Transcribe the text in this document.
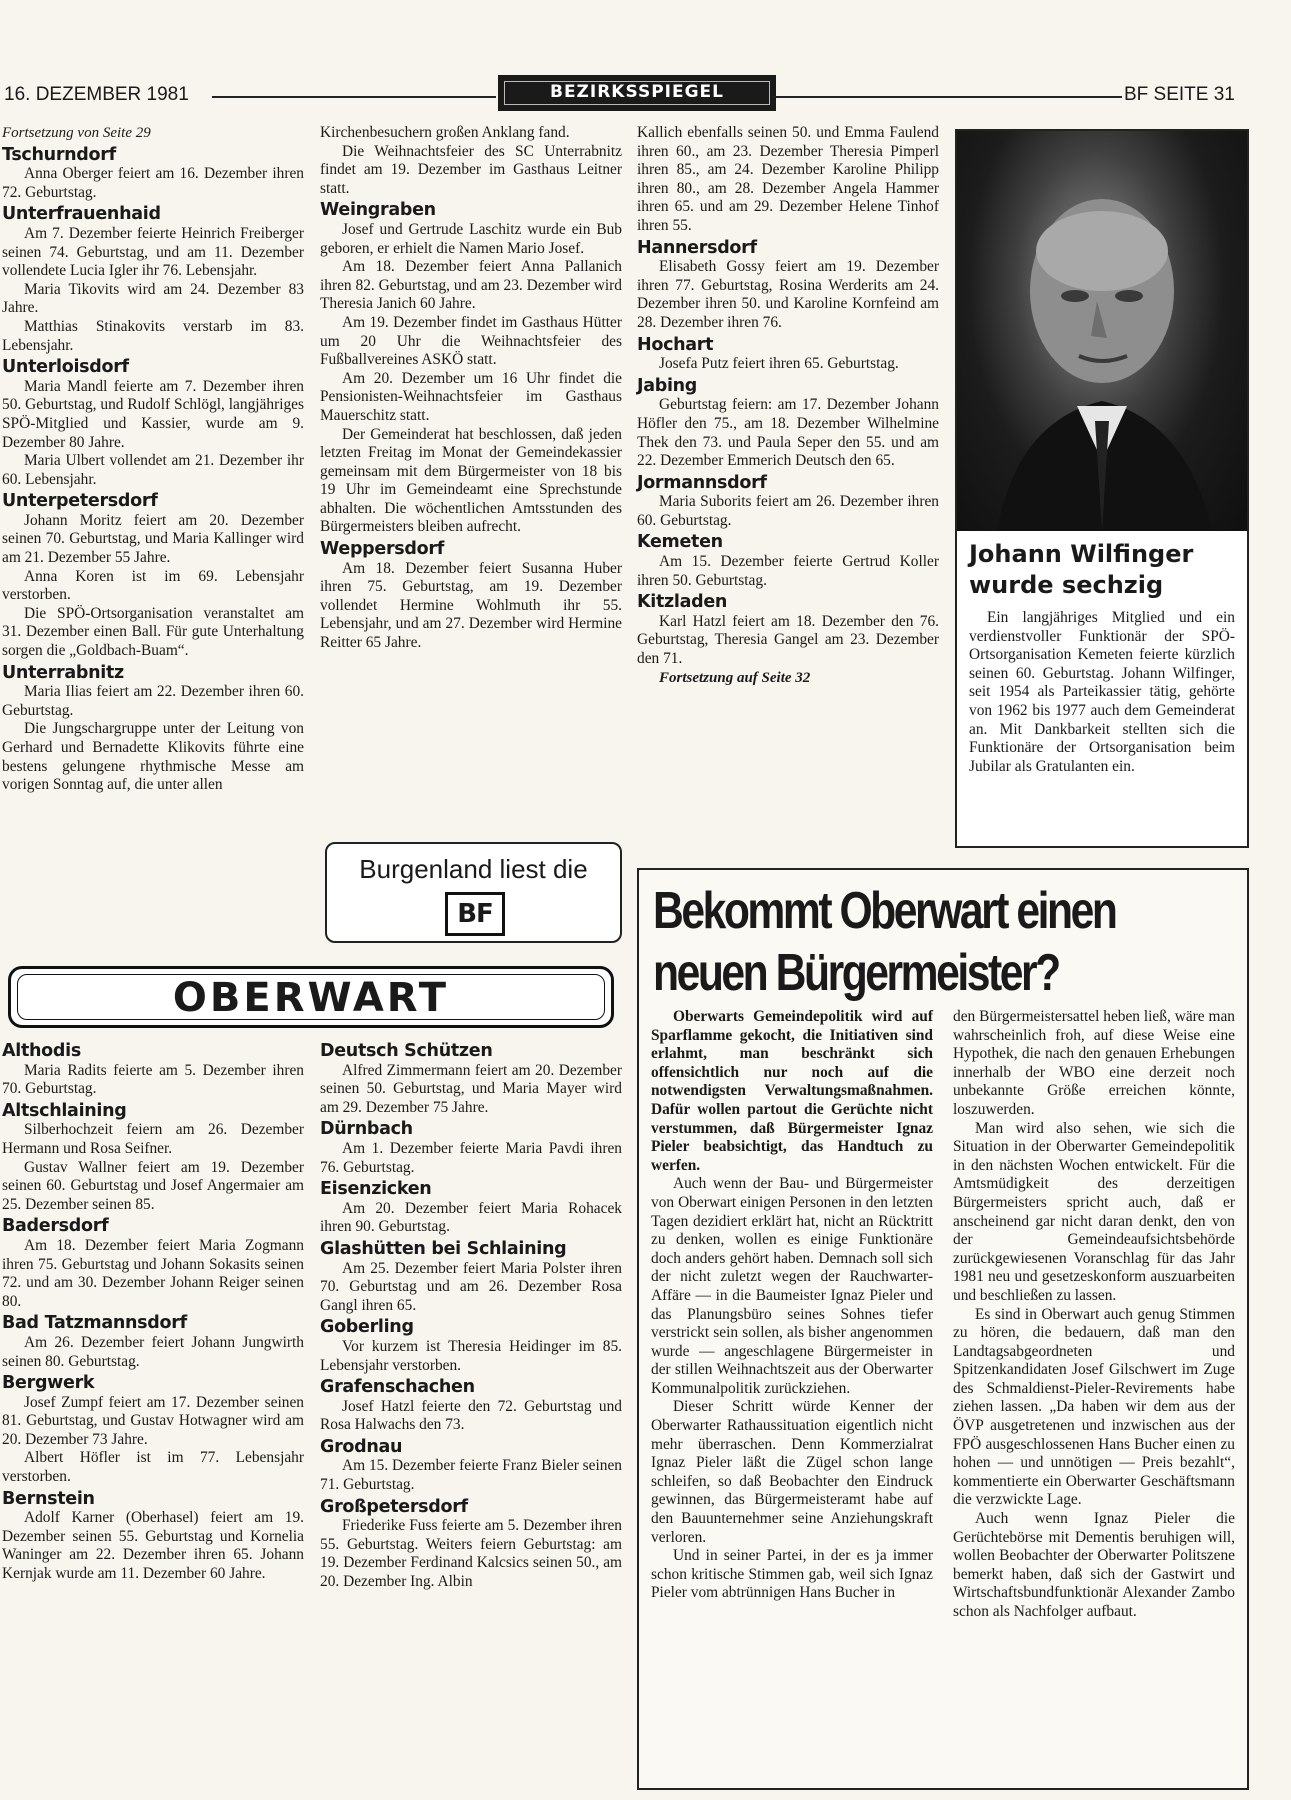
16. DEZEMBER 1981	BEZIRKSSPIEGEL	BF SEITE 31

Fortsetzung von Seite 29

Tschurndorf

Anna Oberger feiert am 16. Dezember ihren 72. Geburtstag.

Unterfrauenhaid

Am 7. Dezember feierte Heinrich Freiberger seinen 74. Geburtstag, und am 11. Dezember vollendete Lucia Igler ihr 76. Lebensjahr.

Maria Tikovits wird am 24. Dezember 83 Jahre.

Matthias Stinakovits verstarb im 83. Lebensjahr.

Unterloisdorf

Maria Mandl feierte am 7. Dezember ihren 50. Geburtstag, und Rudolf Schlögl, langjähriges SPÖ-Mitglied und Kassier, wurde am 9. Dezember 80 Jahre.

Maria Ulbert vollendet am 21. Dezember ihr 60. Lebensjahr.

Unterpetersdorf

Johann Moritz feiert am 20. Dezember seinen 70. Geburtstag, und Maria Kallinger wird am 21. Dezember 55 Jahre.

Anna Koren ist im 69. Lebensjahr verstorben.

Die SPÖ-Ortsorganisation veranstaltet am 31. Dezember einen Ball. Für gute Unterhaltung sorgen die „Goldbach-Buam“.

Unterrabnitz

Maria Ilias feiert am 22. Dezember ihren 60. Geburtstag.

Die Jungschargruppe unter der Leitung von Gerhard und Bernadette Klikovits führte eine bestens gelungene rhythmische Messe am vorigen Sonntag auf, die unter allen

Kirchenbesuchern großen Anklang fand.

Die Weihnachtsfeier des SC Unterrabnitz findet am 19. Dezember im Gasthaus Leitner statt.

Weingraben

Josef und Gertrude Laschitz wurde ein Bub geboren, er erhielt die Namen Mario Josef.

Am 18. Dezember feiert Anna Pallanich ihren 82. Geburtstag, und am 23. Dezember wird Theresia Janich 60 Jahre.

Am 19. Dezember findet im Gasthaus Hütter um 20 Uhr die Weihnachtsfeier des Fußballvereines ASKÖ statt.

Am 20. Dezember um 16 Uhr findet die Pensionisten-Weihnachtsfeier im Gasthaus Mauerschitz statt.

Der Gemeinderat hat beschlossen, daß jeden letzten Freitag im Monat der Gemeindekassier gemeinsam mit dem Bürgermeister von 18 bis 19 Uhr im Gemeindeamt eine Sprechstunde abhalten. Die wöchentlichen Amtsstunden des Bürgermeisters bleiben aufrecht.

Weppersdorf

Am 18. Dezember feiert Susanna Huber ihren 75. Geburtstag, am 19. Dezember vollendet Hermine Wohlmuth ihr 55. Lebensjahr, und am 27. Dezember wird Hermine Reitter 65 Jahre.

Kallich ebenfalls seinen 50. und Emma Faulend ihren 60., am 23. Dezember Theresia Pimperl ihren 85., am 24. Dezember Karoline Philipp ihren 80., am 28. Dezember Angela Hammer ihren 65. und am 29. Dezember Helene Tinhof ihren 55.

Hannersdorf

Elisabeth Gossy feiert am 19. Dezember ihren 77. Geburtstag, Rosina Werderits am 24. Dezember ihren 50. und Karoline Kornfeind am 28. Dezember ihren 76.

Hochart

Josefa Putz feiert ihren 65. Geburtstag.

Jabing

Geburtstag feiern: am 17. Dezember Johann Höfler den 75., am 18. Dezember Wilhelmine Thek den 73. und Paula Seper den 55. und am 22. Dezember Emmerich Deutsch den 65.

Jormannsdorf

Maria Suborits feiert am 26. Dezember ihren 60. Geburtstag.

Kemeten

Am 15. Dezember feierte Gertrud Koller ihren 50. Geburtstag.

Kitzladen

Karl Hatzl feiert am 18. Dezember den 76. Geburtstag, Theresia Gangel am 23. Dezember den 71.

Fortsetzung auf Seite 32

Johann Wilfinger wurde sechzig

Ein langjähriges Mitglied und ein verdienstvoller Funktionär der SPÖ-Ortsorganisation Kemeten feierte kürzlich seinen 60. Geburtstag. Johann Wilfinger, seit 1954 als Parteikassier tätig, gehörte von 1962 bis 1977 auch dem Gemeinderat an. Mit Dankbarkeit stellten sich die Funktionäre der Ortsorganisation beim Jubilar als Gratulanten ein.

Burgenland liest die
BF
OBERWART
Althodis

Maria Radits feierte am 5. Dezember ihren 70. Geburtstag.

Altschlaining

Silberhochzeit feiern am 26. Dezember Hermann und Rosa Seifner.

Gustav Wallner feiert am 19. Dezember seinen 60. Geburtstag und Josef Angermaier am 25. Dezember seinen 85.

Badersdorf

Am 18. Dezember feiert Maria Zogmann ihren 75. Geburtstag und Johann Sokasits seinen 72. und am 30. Dezember Johann Reiger seinen 80.

Bad Tatzmannsdorf

Am 26. Dezember feiert Johann Jungwirth seinen 80. Geburtstag.

Bergwerk

Josef Zumpf feiert am 17. Dezember seinen 81. Geburtstag, und Gustav Hotwagner wird am 20. Dezember 73 Jahre.

Albert Höfler ist im 77. Lebensjahr verstorben.

Bernstein

Adolf Karner (Oberhasel) feiert am 19. Dezember seinen 55. Geburtstag und Kornelia Waninger am 22. Dezember ihren 65. Johann Kernjak wurde am 11. Dezember 60 Jahre.

Deutsch Schützen

Alfred Zimmermann feiert am 20. Dezember seinen 50. Geburtstag, und Maria Mayer wird am 29. Dezember 75 Jahre.

Dürnbach

Am 1. Dezember feierte Maria Pavdi ihren 76. Geburtstag.

Eisenzicken

Am 20. Dezember feiert Maria Rohacek ihren 90. Geburtstag.

Glashütten bei Schlaining

Am 25. Dezember feiert Maria Polster ihren 70. Geburtstag und am 26. Dezember Rosa Gangl ihren 65.

Goberling

Vor kurzem ist Theresia Heidinger im 85. Lebensjahr verstorben.

Grafenschachen

Josef Hatzl feierte den 72. Geburtstag und Rosa Halwachs den 73.

Grodnau

Am 15. Dezember feierte Franz Bieler seinen 71. Geburtstag.

Großpetersdorf

Friederike Fuss feierte am 5. Dezember ihren 55. Geburtstag. Weiters feiern Geburtstag: am 19. Dezember Ferdinand Kalcsics seinen 50., am 20. Dezember Ing. Albin

Bekommt Oberwart einen
neuen Bürgermeister?

Oberwarts Gemeindepolitik wird auf Sparflamme gekocht, die Initiativen sind erlahmt, man beschränkt sich offensichtlich nur noch auf die notwendigsten Verwaltungsmaßnahmen. Dafür wollen partout die Gerüchte nicht verstummen, daß Bürgermeister Ignaz Pieler beabsichtigt, das Handtuch zu werfen.

Auch wenn der Bau- und Bürgermeister von Oberwart einigen Personen in den letzten Tagen dezidiert erklärt hat, nicht an Rücktritt zu denken, wollen es einige Funktionäre doch anders gehört haben. Demnach soll sich der nicht zuletzt wegen der Rauchwarter-Affäre — in die Baumeister Ignaz Pieler und das Planungsbüro seines Sohnes tiefer verstrickt sein sollen, als bisher angenommen wurde — angeschlagene Bürgermeister in der stillen Weihnachtszeit aus der Oberwarter Kommunalpolitik zurückziehen.

Dieser Schritt würde Kenner der Oberwarter Rathaussituation eigentlich nicht mehr überraschen. Denn Kommerzialrat Ignaz Pieler läßt die Zügel schon lange schleifen, so daß Beobachter den Eindruck gewinnen, das Bürgermeisteramt habe auf den Bauunternehmer seine Anziehungskraft verloren.

Und in seiner Partei, in der es ja immer schon kritische Stimmen gab, weil sich Ignaz Pieler vom abtrünnigen Hans Bucher in

den Bürgermeistersattel heben ließ, wäre man wahrscheinlich froh, auf diese Weise eine Hypothek, die nach den genauen Erhebungen innerhalb der WBO eine derzeit noch unbekannte Größe erreichen könnte, loszuwerden.

Man wird also sehen, wie sich die Situation in der Oberwarter Gemeindepolitik in den nächsten Wochen entwickelt. Für die Amtsmüdigkeit des derzeitigen Bürgermeisters spricht auch, daß er anscheinend gar nicht daran denkt, den von der Gemeindeaufsichtsbehörde zurückgewiesenen Voranschlag für das Jahr 1981 neu und gesetzeskonform auszuarbeiten und beschließen zu lassen.

Es sind in Oberwart auch genug Stimmen zu hören, die bedauern, daß man den Landtagsabgeordneten und Spitzenkandidaten Josef Gilschwert im Zuge des Schmaldienst-Pieler-Revirements habe ziehen lassen. „Da haben wir dem aus der ÖVP ausgetretenen und inzwischen aus der FPÖ ausgeschlossenen Hans Bucher einen zu hohen — und unnötigen — Preis bezahlt“, kommentierte ein Oberwarter Geschäftsmann die verzwickte Lage.

Auch wenn Ignaz Pieler die Gerüchtebörse mit Dementis beruhigen will, wollen Beobachter der Oberwarter Politszene bemerkt haben, daß sich der Gastwirt und Wirtschaftsbundfunktionär Alexander Zambo schon als Nachfolger aufbaut.
